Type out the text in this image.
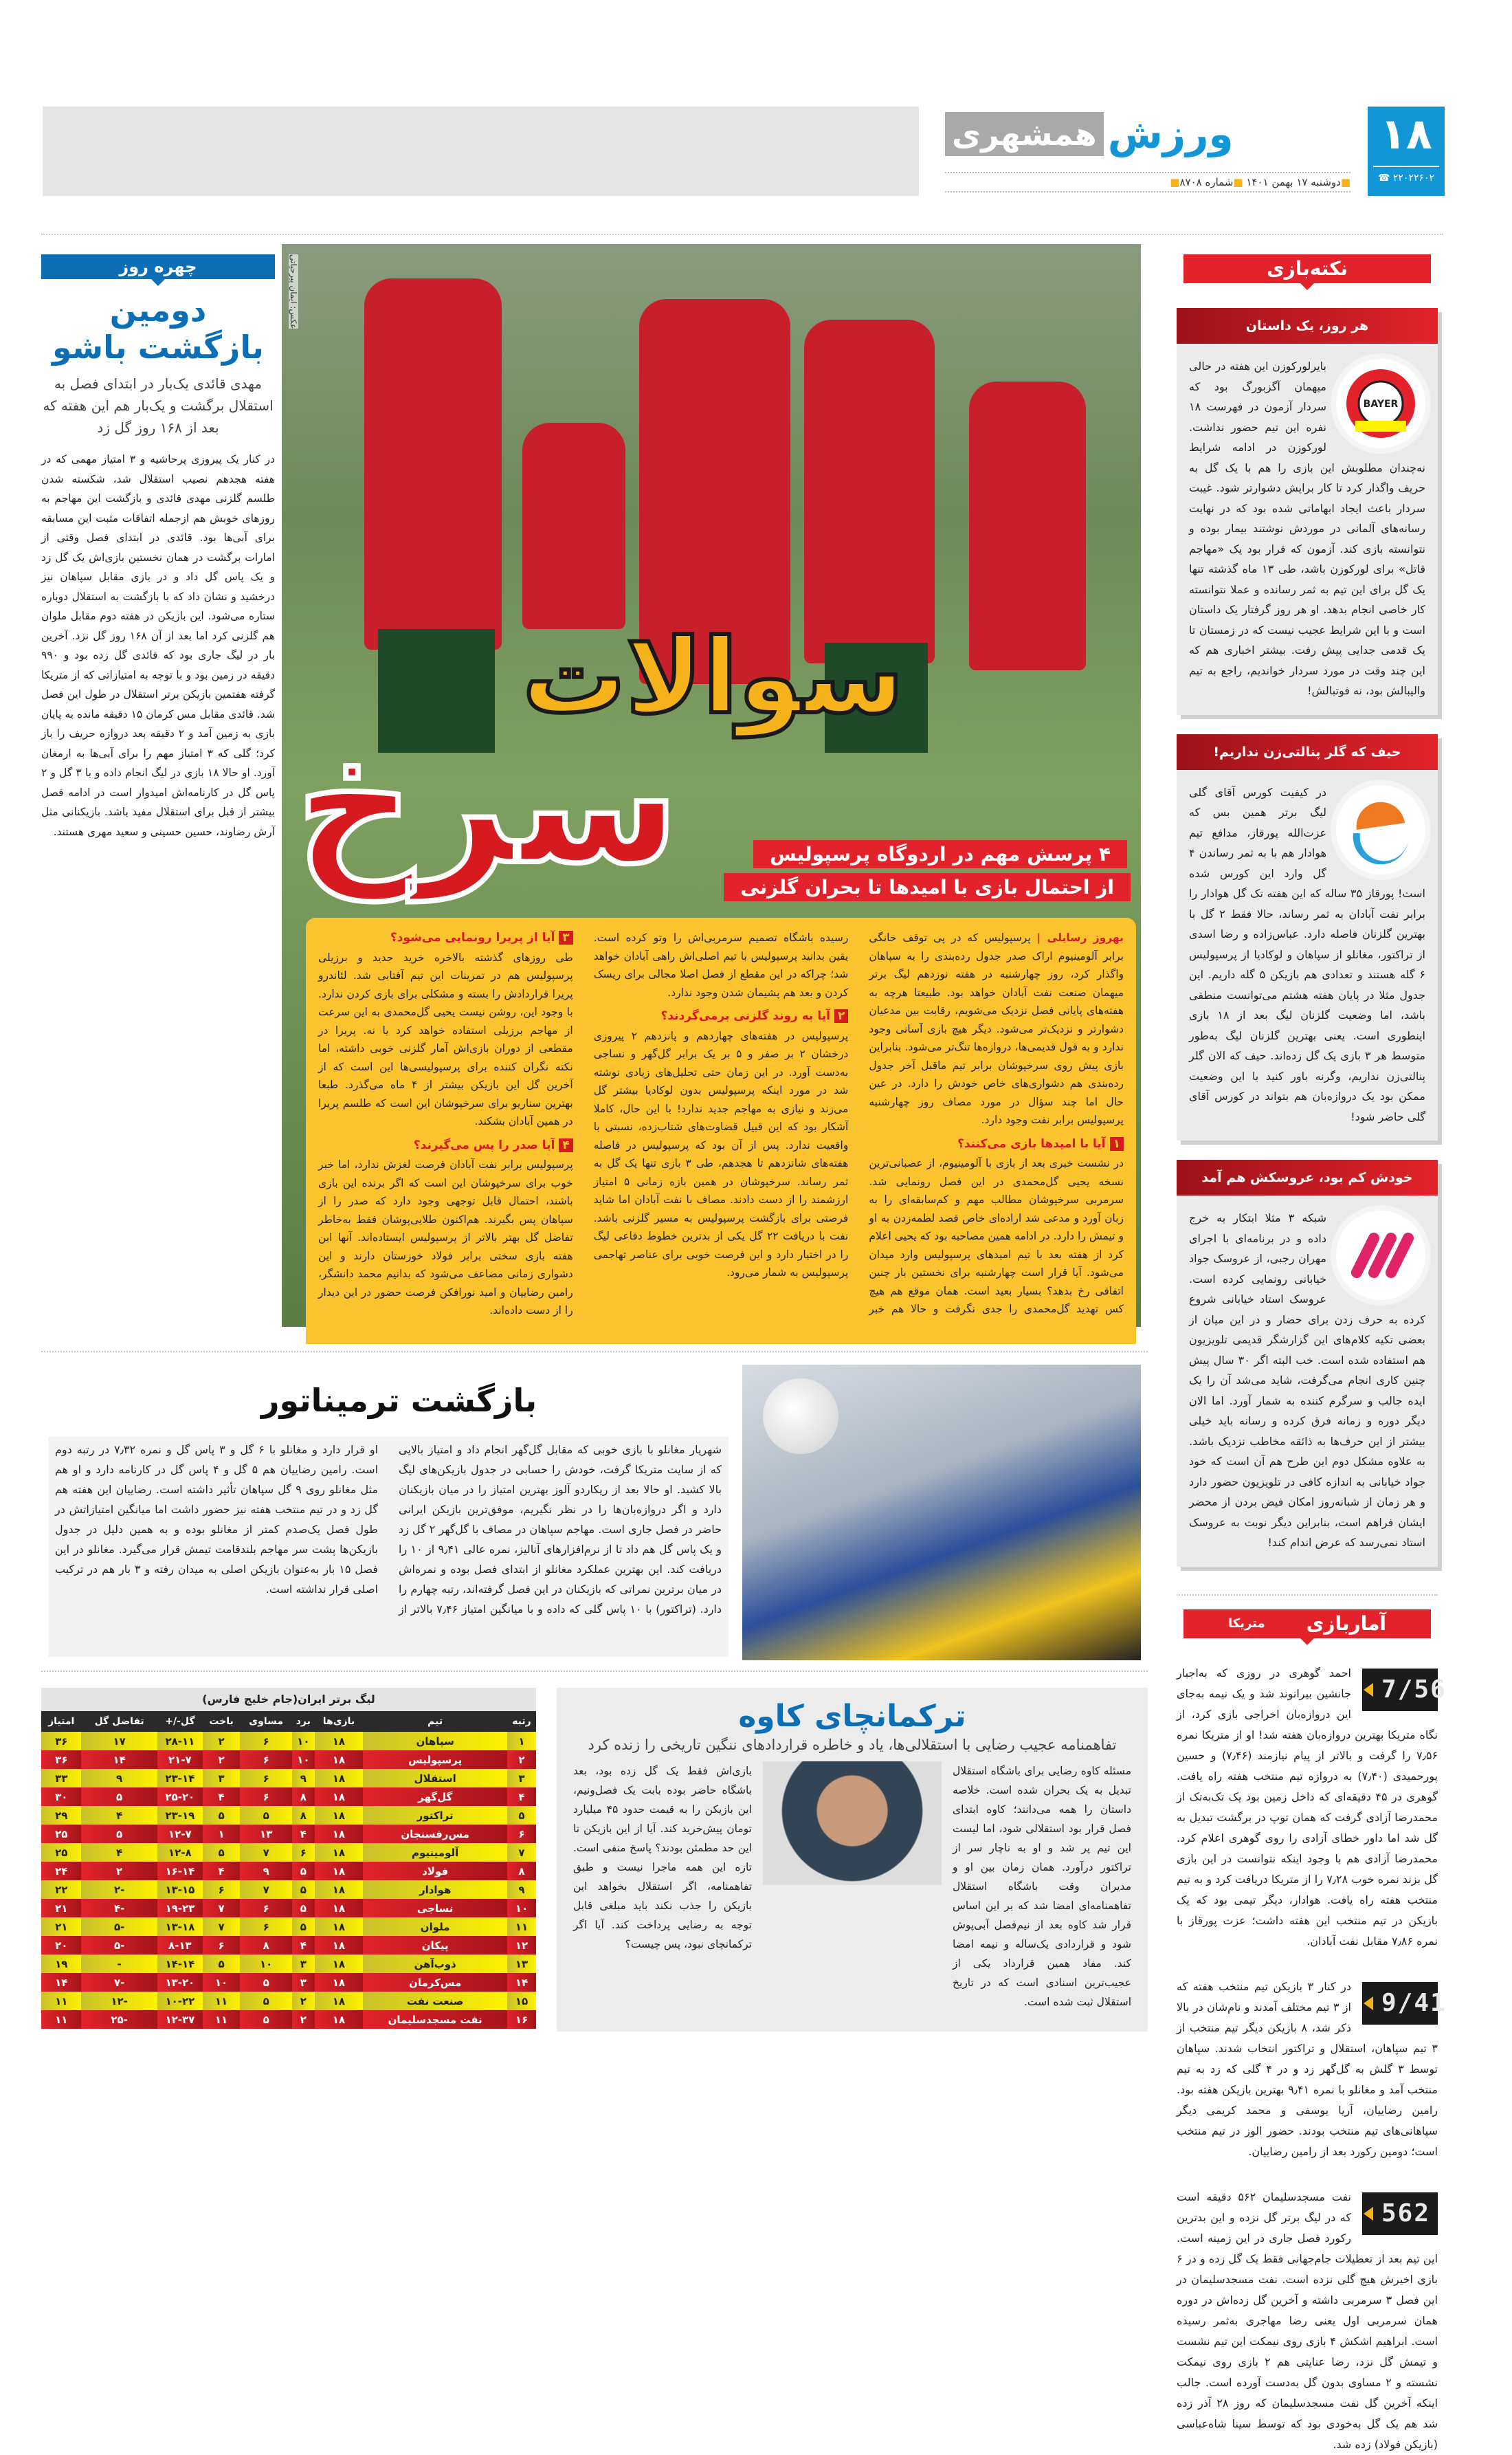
ورزش
همشهری
■دوشنبه ۱۷ بهمن ۱۴۰۱ ■شماره ۸۷۰۸■
۱۸
☎ ۲۲۰۲۲۶۰۲
چهره روز
دومین بازگشت باشو
مهدی قائدی یک‌بار در ابتدای فصل به استقلال برگشت و یک‌بار هم این هفته که بعد از ۱۶۸ روز گل زد
در کنار یک پیروزی پرحاشیه و ۳ امتیاز مهمی که در هفته هجدهم نصیب استقلال شد، شکسته شدن طلسم گلزنی مهدی قائدی و بازگشت این مهاجم به روزهای خوبش هم ازجمله اتفاقات مثبت این مسابقه برای آبی‌ها بود. قائدی در ابتدای فصل وقتی از امارات برگشت در همان نخستین بازی‌اش یک گل زد و یک پاس گل داد و در بازی مقابل سپاهان نیز درخشید و نشان داد که با بازگشت به استقلال دوباره ستاره می‌شود. این بازیکن در هفته دوم مقابل ملوان هم گلزنی کرد اما بعد از آن ۱۶۸ روز گل نزد. آخرین بار در لیگ جاری بود که قائدی گل زده بود و ۹۹۰ دقیقه در زمین بود و با توجه به امتیازاتی که از متریکا گرفته هفتمین بازیکن برتر استقلال در طول این فصل شد. قائدی مقابل مس کرمان ۱۵ دقیقه مانده به پایان بازی به زمین آمد و ۲ دقیقه بعد دروازه حریف را باز کرد؛ گلی که ۳ امتیاز مهم را برای آبی‌ها به ارمغان آورد. او حالا ۱۸ بازی در لیگ انجام داده و با ۳ گل و ۲ پاس گل در کارنامه‌اش امیدوار است در ادامه فصل بیشتر از قبل برای استقلال مفید باشد. بازیکنانی مثل آرش رضاوند، حسین حسینی و سعید مهری هستند.
عکس: ایمان پیرحیاتی
سرخ
سوالات
۴ پرسش مهم در اردوگاه پرسپولیس
از احتمال بازی با امیدها تا بحران گلزنی
بهروز رسایلی | پرسپولیس که در پی توقف خانگی برابر آلومینیوم اراک صدر جدول رده‌بندی را به سپاهان واگذار کرد، روز چهارشنبه در هفته نوزدهم لیگ برتر میهمان صنعت نفت آبادان خواهد بود. طبیعتا هرچه به هفته‌های پایانی فصل نزدیک می‌شویم، رقابت بین مدعیان دشوارتر و نزدیک‌تر می‌شود. دیگر هیچ بازی آسانی وجود ندارد و به قول قدیمی‌ها، دروازه‌ها تنگ‌تر می‌شود. بنابراین بازی پیش روی سرخپوشان برابر تیم ماقبل آخر جدول رده‌بندی هم دشواری‌های خاص خودش را دارد. در عین حال اما چند سؤال در مورد مصاف روز چهارشنبه پرسپولیس برابر نفت وجود دارد.
۱آیا با امیدها بازی می‌کنند؟
در نشست خبری بعد از بازی با آلومینیوم، از عصبانی‌ترین نسخه یحیی گل‌محمدی در این فصل رونمایی شد. سرمربی سرخپوشان مطالب مهم و کم‌سابقه‌ای را به زبان آورد و مدعی شد اراده‌ای خاص قصد لطمه‌زدن به او و تیمش را دارد. در ادامه همین مصاحبه بود که یحیی اعلام کرد از هفته بعد با تیم امیدهای پرسپولیس وارد میدان می‌شود. آیا قرار است چهارشنبه برای نخستین بار چنین اتفاقی رخ بدهد؟ بسیار بعید است. همان موقع هم هیچ کس تهدید گل‌محمدی را جدی نگرفت و حالا هم خبر رسیده باشگاه تصمیم سرمربی‌اش را وتو کرده است. یقین بدانید پرسپولیس با تیم اصلی‌اش راهی آبادان خواهد شد؛ چراکه در این مقطع از فصل اصلا مجالی برای ریسک کردن و بعد هم پشیمان شدن وجود ندارد.
۲آیا به روند گلزنی برمی‌گردند؟
پرسپولیس در هفته‌های چهاردهم و پانزدهم ۲ پیروزی درخشان ۲ بر صفر و ۵ بر یک برابر گل‌گهر و نساجی به‌دست آورد. در این زمان حتی تحلیل‌های زیادی نوشته شد در مورد اینکه پرسپولیس بدون لوکادیا بیشتر گل می‌زند و نیازی به مهاجم جدید ندارد! با این حال، کاملا آشکار بود که این قبیل قضاوت‌های شتاب‌زده، نسبتی با واقعیت ندارد. پس از آن بود که پرسپولیس در فاصله هفته‌های شانزدهم تا هجدهم، طی ۳ بازی تنها یک گل به ثمر رساند. سرخپوشان در همین بازه زمانی ۵ امتیاز ارزشمند را از دست دادند. مصاف با نفت آبادان اما شاید فرصتی برای بازگشت پرسپولیس به مسیر گلزنی باشد. نفت با دریافت ۲۲ گل یکی از بدترین خطوط دفاعی لیگ را در اختیار دارد و این فرصت خوبی برای عناصر تهاجمی پرسپولیس به شمار می‌رود.
۳آیا از پریرا رونمایی می‌شود؟
طی روزهای گذشته بالاخره خرید جدید و برزیلی پرسپولیس هم در تمرینات این تیم آفتابی شد. لئاندرو پریرا قراردادش را بسته و مشکلی برای بازی کردن ندارد. با وجود این، روشن نیست یحیی گل‌محمدی به این سرعت از مهاجم برزیلی استفاده خواهد کرد یا نه. پریرا در مقطعی از دوران بازی‌اش آمار گلزنی خوبی داشته، اما نکته نگران کننده برای پرسپولیسی‌ها این است که از آخرین گل این بازیکن بیشتر از ۴ ماه می‌گذرد. طبعا بهترین سناریو برای سرخپوشان این است که طلسم پریرا در همین آبادان بشکند.
۴آیا صدر را پس می‌گیرند؟
پرسپولیس برابر نفت آبادان فرصت لغزش ندارد، اما خبر خوب برای سرخپوشان این است که اگر برنده این بازی باشند، احتمال قابل توجهی وجود دارد که صدر را از سپاهان پس بگیرند. هم‌اکنون طلایی‌پوشان فقط به‌خاطر تفاضل گل بهتر بالاتر از پرسپولیس ایستاده‌اند. آنها این هفته بازی سختی برابر فولاد خوزستان دارند و این دشواری زمانی مضاعف می‌شود که بدانیم محمد دانشگر، رامین رضاییان و امید نورافکن فرصت حضور در این دیدار را از دست داده‌اند.
نکته‌بازی
هر روز، یک داستان
BAYER
بایرلورکوزن این هفته در حالی میهمان آگزبورگ بود که سردار آزمون در فهرست ۱۸ نفره این تیم حضور نداشت. لورکوزن در ادامه شرایط نه‌چندان مطلوبش این بازی را هم با یک گل به حریف واگذار کرد تا کار برایش دشوارتر شود. غیبت سردار باعث ایجاد ابهاماتی شده بود که در نهایت رسانه‌های آلمانی در موردش نوشتند بیمار بوده و نتوانسته بازی کند. آزمون که قرار بود یک «مهاجم قاتل» برای لورکوزن باشد، طی ۱۳ ماه گذشته تنها یک گل برای این تیم به ثمر رسانده و عملا نتوانسته کار خاصی انجام بدهد. او هر روز گرفتار یک داستان است و با این شرایط عجیب نیست که در زمستان تا یک قدمی جدایی پیش رفت. بیشتر اخباری هم که این چند وقت در مورد سردار خواندیم، راجع به تیم والیبالش بود، نه فوتبالش!
حیف که گلر پنالتی‌زن نداریم!
در کیفیت کورس آقای گلی لیگ برتر همین بس که عزت‌الله پورقاز، مدافع تیم هوادار هم با به ثمر رساندن ۴ گل وارد این کورس شده است! پورقاز ۳۵ ساله که این هفته تک گل هوادار را برابر نفت آبادان به ثمر رساند، حالا فقط ۲ گل با بهترین گلزنان فاصله دارد. عباس‌زاده و رضا اسدی از تراکتور، مغانلو از سپاهان و لوکادیا از پرسپولیس ۶ گله هستند و تعدادی هم بازیکن ۵ گله داریم. این جدول مثلا در پایان هفته هشتم می‌توانست منطقی باشد، اما وضعیت گلزنان لیگ بعد از ۱۸ بازی اینطوری است. یعنی بهترین گلزنان لیگ به‌طور متوسط هر ۳ بازی یک گل زده‌اند. حیف که الان گلر پنالتی‌زن نداریم، وگرنه باور کنید با این وضعیت ممکن بود یک دروازه‌بان هم بتواند در کورس آقای گلی حاضر شود!
خودش کم بود، عروسکش هم آمد
شبکه ۳ مثلا ابتکار به خرج داده و در برنامه‌ای با اجرای مهران رجبی، از عروسک جواد خیابانی رونمایی کرده است. عروسک استاد خیابانی شروع کرده به حرف زدن برای حضار و در این میان از بعضی تکیه کلام‌های این گزارشگر قدیمی تلویزیون هم استفاده شده است. خب البته اگر ۳۰ سال پیش چنین کاری انجام می‌گرفت، شاید می‌شد آن را یک ایده جالب و سرگرم کننده به شمار آورد. اما الان دیگر دوره و زمانه فرق کرده و رسانه باید خیلی بیشتر از این حرف‌ها به ذائقه مخاطب نزدیک باشد. به علاوه مشکل دوم این طرح هم آن است که خود جواد خیابانی به اندازه کافی در تلویزیون حضور دارد و هر زمان از شبانه‌روز امکان فیض بردن از محضر ایشان فراهم است، بنابراین دیگر نوبت به عروسک استاد نمی‌رسد که عرض اندام کند!
آماربازی
متریکا
7/56
احمد گوهری در روزی که به‌اجبار جانشین بیرانوند شد و یک نیمه به‌جای این دروازه‌بان اخراجی بازی کرد، از نگاه متریکا بهترین دروازه‌بان هفته شد! او از متریکا نمره ۷٫۵۶ را گرفت و بالاتر از پیام نیازمند (۷٫۴۶) و حسین پورحمیدی (۷٫۴۰) به دروازه تیم منتخب هفته راه یافت. گوهری در ۴۵ دقیقه‌ای که داخل زمین بود یک تک‌به‌تک از محمدرضا آزادی گرفت که همان توپ در برگشت تبدیل به گل شد اما داور خطای آزادی را روی گوهری اعلام کرد. محمدرضا آزادی هم با وجود اینکه نتوانست در این بازی گل بزند نمره خوب ۷٫۲۸ را از متریکا دریافت کرد و به تیم منتخب هفته راه یافت. هوادار، دیگر تیمی بود که یک بازیکن در تیم منتخب این هفته داشت؛ عزت پورقاز با نمره ۷٫۸۶ مقابل نفت آبادان.
9/41
در کنار ۳ بازیکن تیم منتخب هفته که از ۳ تیم مختلف آمدند و نام‌شان در بالا ذکر شد، ۸ بازیکن دیگر تیم منتخب از ۳ تیم سپاهان، استقلال و تراکتور انتخاب شدند. سپاهان توسط ۳ گلش به گل‌گهر زد و در ۴ گلی که زد به تیم منتخب آمد و مغانلو با نمره ۹٫۴۱ بهترین بازیکن هفته بود. رامین رضاییان، آریا یوسفی و محمد کریمی دیگر سپاهانی‌های تیم منتخب بودند. حضور الوز در تیم منتخب است؛ دومین رکورد بعد از رامین رضاییان.
562
نفت مسجدسلیمان ۵۶۲ دقیقه است که در لیگ برتر گل نزده و این بدترین رکورد فصل جاری در این زمینه است. این تیم بعد از تعطیلات جام‌جهانی فقط یک گل زده و در ۶ بازی اخیرش هیچ گلی نزده است. نفت مسجدسلیمان در این فصل ۳ سرمربی داشته و آخرین گل زده‌اش در دوره همان سرمربی اول یعنی رضا مهاجری به‌ثمر رسیده است. ابراهیم اشکش ۴ بازی روی نیمکت این تیم نشست و تیمش گل نزد، رضا عنایتی هم ۲ بازی روی نیمکت نشسته و ۲ مساوی بدون گل به‌دست آورده است. جالب اینکه آخرین گل نفت مسجدسلیمان که روز ۲۸ آذر زده شد هم یک گل به‌خودی بود که توسط سینا شاه‌عباسی (بازیکن فولاد) زده شد.
بازگشت ترمیناتور
شهریار مغانلو با بازی خوبی که مقابل گل‌گهر انجام داد و امتیاز بالایی که از سایت متریکا گرفت، خودش را حسابی در جدول بازیکن‌های لیگ بالا کشید. او حالا بعد از ریکاردو آلوز بهترین امتیاز را در میان بازیکنان دارد و اگر دروازه‌بان‌ها را در نظر نگیریم، موفق‌ترین بازیکن ایرانی حاضر در فصل جاری است. مهاجم سپاهان در مصاف با گل‌گهر ۲ گل زد و یک پاس گل هم داد تا از نرم‌افزارهای آنالیز، نمره عالی ۹٫۴۱ از ۱۰ را دریافت کند. این بهترین عملکرد مغانلو از ابتدای فصل بوده و نمره‌اش در میان برترین نمراتی که بازیکنان در این فصل گرفته‌اند، رتبه چهارم را دارد. (تراکتور) با ۱۰ پاس گلی که داده و با میانگین امتیاز ۷٫۴۶ بالاتر از او قرار دارد و مغانلو با ۶ گل و ۳ پاس گل و نمره ۷٫۳۲ در رتبه دوم است. رامین رضاییان هم ۵ گل و ۴ پاس گل در کارنامه دارد و او هم مثل مغانلو روی ۹ گل سپاهان تأثیر داشته است. رضاییان این هفته هم گل زد و در تیم منتخب هفته نیز حضور داشت اما میانگین امتیازاتش در طول فصل یک‌صدم کمتر از مغانلو بوده و به همین دلیل در جدول بازیکن‌ها پشت سر مهاجم بلندقامت تیمش قرار می‌گیرد. مغانلو در این فصل ۱۵ بار به‌عنوان بازیکن اصلی به میدان رفته و ۳ بار هم در ترکیب اصلی قرار نداشته است.
لیگ برتر ایران(جام خلیج فارس)
رتبه	تیم	بازی‌ها	برد	مساوی	باخت	گل-/+	تفاضل گل	امتیاز
۱	سپاهان	۱۸	۱۰	۶	۲	۲۸-۱۱	۱۷	۳۶
۲	پرسپولیس	۱۸	۱۰	۶	۲	۲۱-۷	۱۴	۳۶
۳	استقلال	۱۸	۹	۶	۳	۲۳-۱۴	۹	۳۳
۴	گل‌گهر	۱۸	۸	۶	۴	۲۵-۲۰	۵	۳۰
۵	تراکتور	۱۸	۸	۵	۵	۲۳-۱۹	۴	۲۹
۶	مس‌رفسنجان	۱۸	۴	۱۳	۱	۱۲-۷	۵	۲۵
۷	آلومینیوم	۱۸	۶	۷	۵	۱۲-۸	۴	۲۵
۸	فولاد	۱۸	۵	۹	۴	۱۶-۱۴	۲	۲۴
۹	هوادار	۱۸	۵	۷	۶	۱۳-۱۵	-۲	۲۲
۱۰	نساجی	۱۸	۵	۶	۷	۱۹-۲۳	-۴	۲۱
۱۱	ملوان	۱۸	۵	۶	۷	۱۳-۱۸	-۵	۲۱
۱۲	پیکان	۱۸	۴	۸	۶	۸-۱۳	-۵	۲۰
۱۳	ذوب‌آهن	۱۸	۳	۱۰	۵	۱۴-۱۴	-	۱۹
۱۴	مس‌کرمان	۱۸	۳	۵	۱۰	۱۳-۲۰	-۷	۱۴
۱۵	صنعت نفت	۱۸	۲	۵	۱۱	۱۰-۲۲	-۱۲	۱۱
۱۶	نفت مسجدسلیمان	۱۸	۲	۵	۱۱	۱۲-۳۷	-۲۵	۱۱
ترکمانچای کاوه
تفاهمنامه عجیب رضایی با استقلالی‌ها، یاد و خاطره قراردادهای ننگین تاریخی را زنده کرد
مسئله کاوه رضایی برای باشگاه استقلال تبدیل به یک بحران شده است. خلاصه داستان را همه می‌دانند؛ کاوه ابتدای فصل قرار بود استقلالی شود، اما لیست این تیم پر شد و او به ناچار سر از تراکتور درآورد. همان زمان بین او و مدیران وقت باشگاه استقلال تفاهمنامه‌ای امضا شد که بر این اساس قرار شد کاوه بعد از نیم‌فصل آبی‌پوش شود و قراردادی یک‌ساله و نیمه امضا کند. مفاد همین قرارداد یکی از عجیب‌ترین اسنادی است که در تاریخ استقلال ثبت شده است.
بازی‌اش فقط یک گل زده بود، بعد باشگاه حاضر بوده بابت یک فصل‌ونیم، این بازیکن را به قیمت حدود ۴۵ میلیارد تومان پیش‌خرید کند. آیا از این بازیکن تا این حد مطمئن بودند؟ پاسخ منفی است. تازه این همه ماجرا نیست و طبق تفاهمنامه، اگر استقلال بخواهد این بازیکن را جذب نکند باید مبلغی قابل توجه به رضایی پرداخت کند. آیا اگر ترکمانچای نبود، پس چیست؟
